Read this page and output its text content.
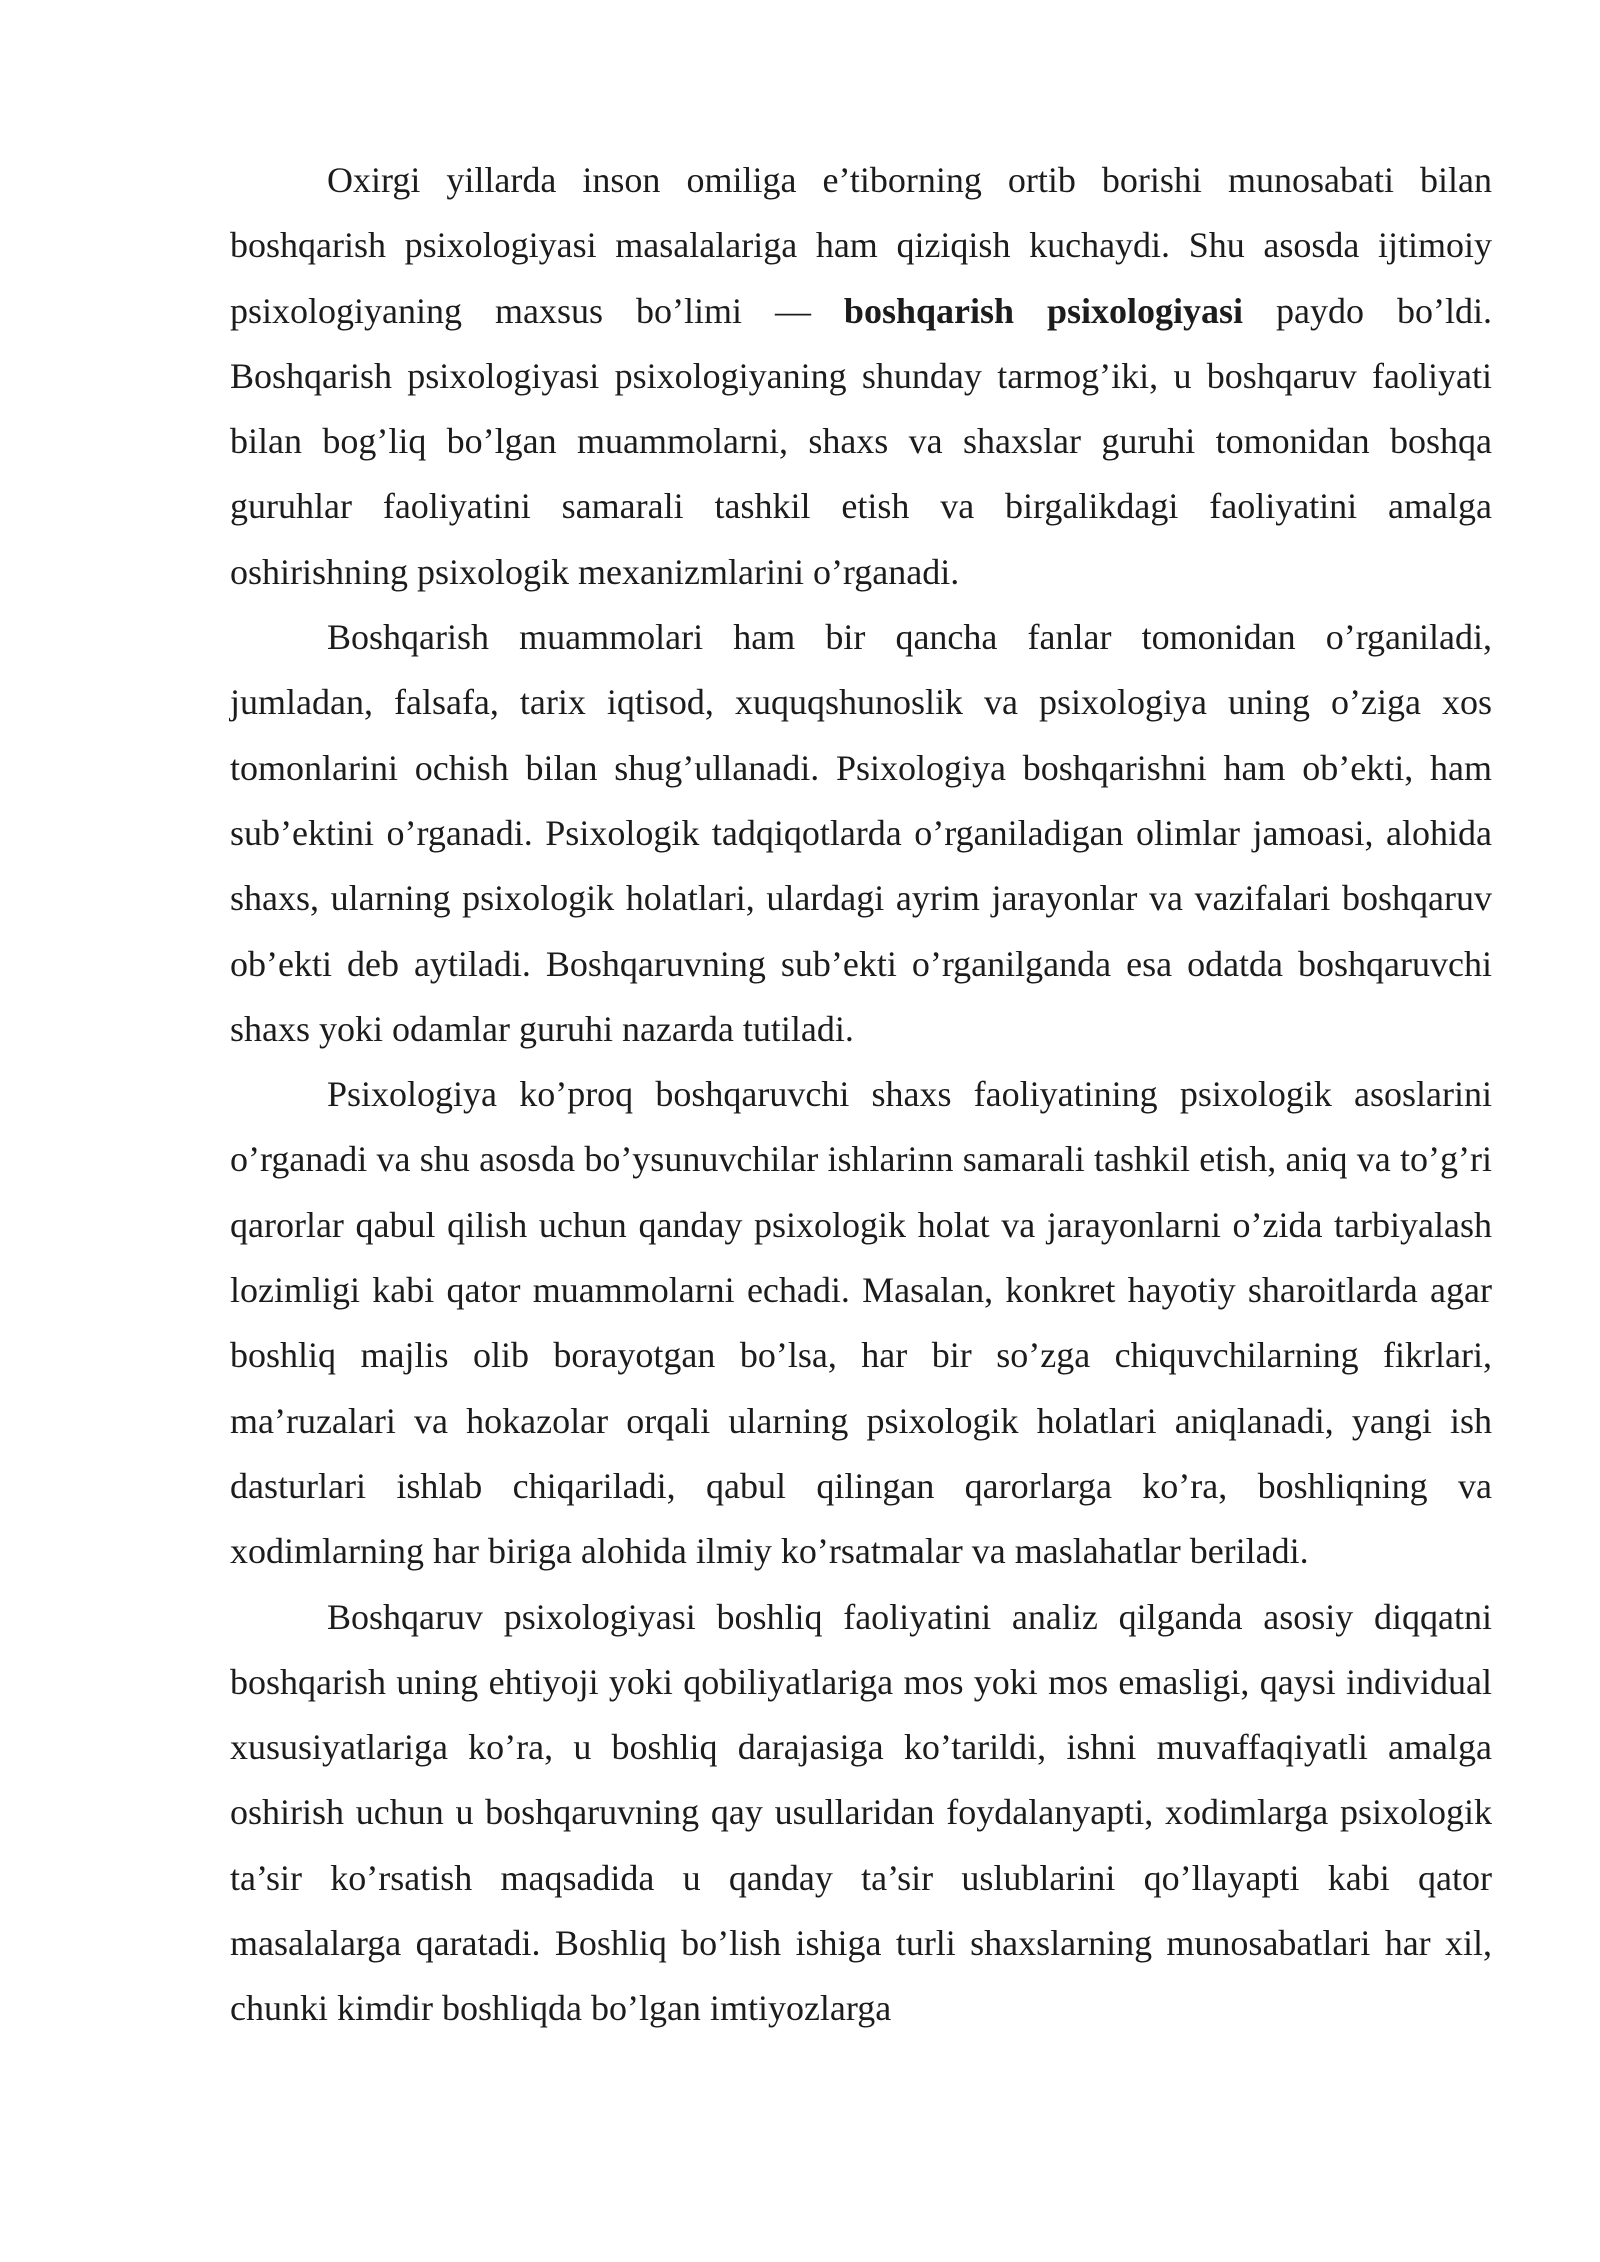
Oxirgi yillarda inson omiliga e’tiborning ortib borishi munosabati bilan boshqarish psixologiyasi masalalariga ham qiziqish kuchaydi. Shu asosda ijtimoiy psixologiyaning maxsus bo’limi — boshqarish psixologiyasi paydo bo’ldi. Boshqarish psixologiyasi psixologiyaning shunday tarmog’iki, u boshqaruv faoliyati bilan bog’liq bo’lgan muammolarni, shaxs va shaxslar guruhi tomonidan boshqa guruhlar faoliyatini samarali tashkil etish va birgalikdagi faoliyatini amalga oshirishning psixologik mexanizmlarini o’rganadi.

Boshqarish muammolari ham bir qancha fanlar tomonidan o’rganiladi, jumladan, falsafa, tarix iqtisod, xuquqshunoslik va psixologiya uning o’ziga xos tomonlarini ochish bilan shug’ullanadi. Psixologiya boshqarishni ham ob’ekti, ham sub’ektini o’rganadi. Psixologik tadqiqotlarda o’rganiladigan olimlar jamoasi, alohida shaxs, ularning psixologik holatlari, ulardagi ayrim jarayonlar va vazifalari boshqaruv ob’ekti deb aytiladi. Boshqaruvning sub’ekti o’rganilganda esa odatda boshqaruvchi shaxs yoki odamlar guruhi nazarda tutiladi.

Psixologiya ko’proq boshqaruvchi shaxs faoliyatining psixologik asoslarini o’rganadi va shu asosda bo’ysunuvchilar ishlarinn samarali tashkil etish, aniq va to’g’ri qarorlar qabul qilish uchun qanday psixologik holat va jarayonlarni o’zida tarbiyalash lozimligi kabi qator muammolarni echadi. Masalan, konkret hayotiy sharoitlarda agar boshliq majlis olib borayotgan bo’lsa, har bir so’zga chiquvchilarning fikrlari, ma’ruzalari va hokazolar orqali ularning psixologik holatlari aniqlanadi, yangi ish dasturlari ishlab chiqariladi, qabul qilingan qarorlarga ko’ra, boshliqning va xodimlarning har biriga alohida ilmiy ko’rsatmalar va maslahatlar beriladi.

Boshqaruv psixologiyasi boshliq faoliyatini analiz qilganda asosiy diqqatni boshqarish uning ehtiyoji yoki qobiliyatlariga mos yoki mos emasligi, qaysi individual xususiyatlariga ko’ra, u boshliq darajasiga ko’tarildi, ishni muvaffaqiyatli amalga oshirish uchun u boshqaruvning qay usullaridan foydalanyapti, xodimlarga psixologik ta’sir ko’rsatish maqsadida u qanday ta’sir uslublarini qo’llayapti kabi qator masalalarga qaratadi. Boshliq bo’lish ishiga turli shaxslarning munosabatlari har xil, chunki kimdir boshliqda bo’lgan imtiyozlarga
